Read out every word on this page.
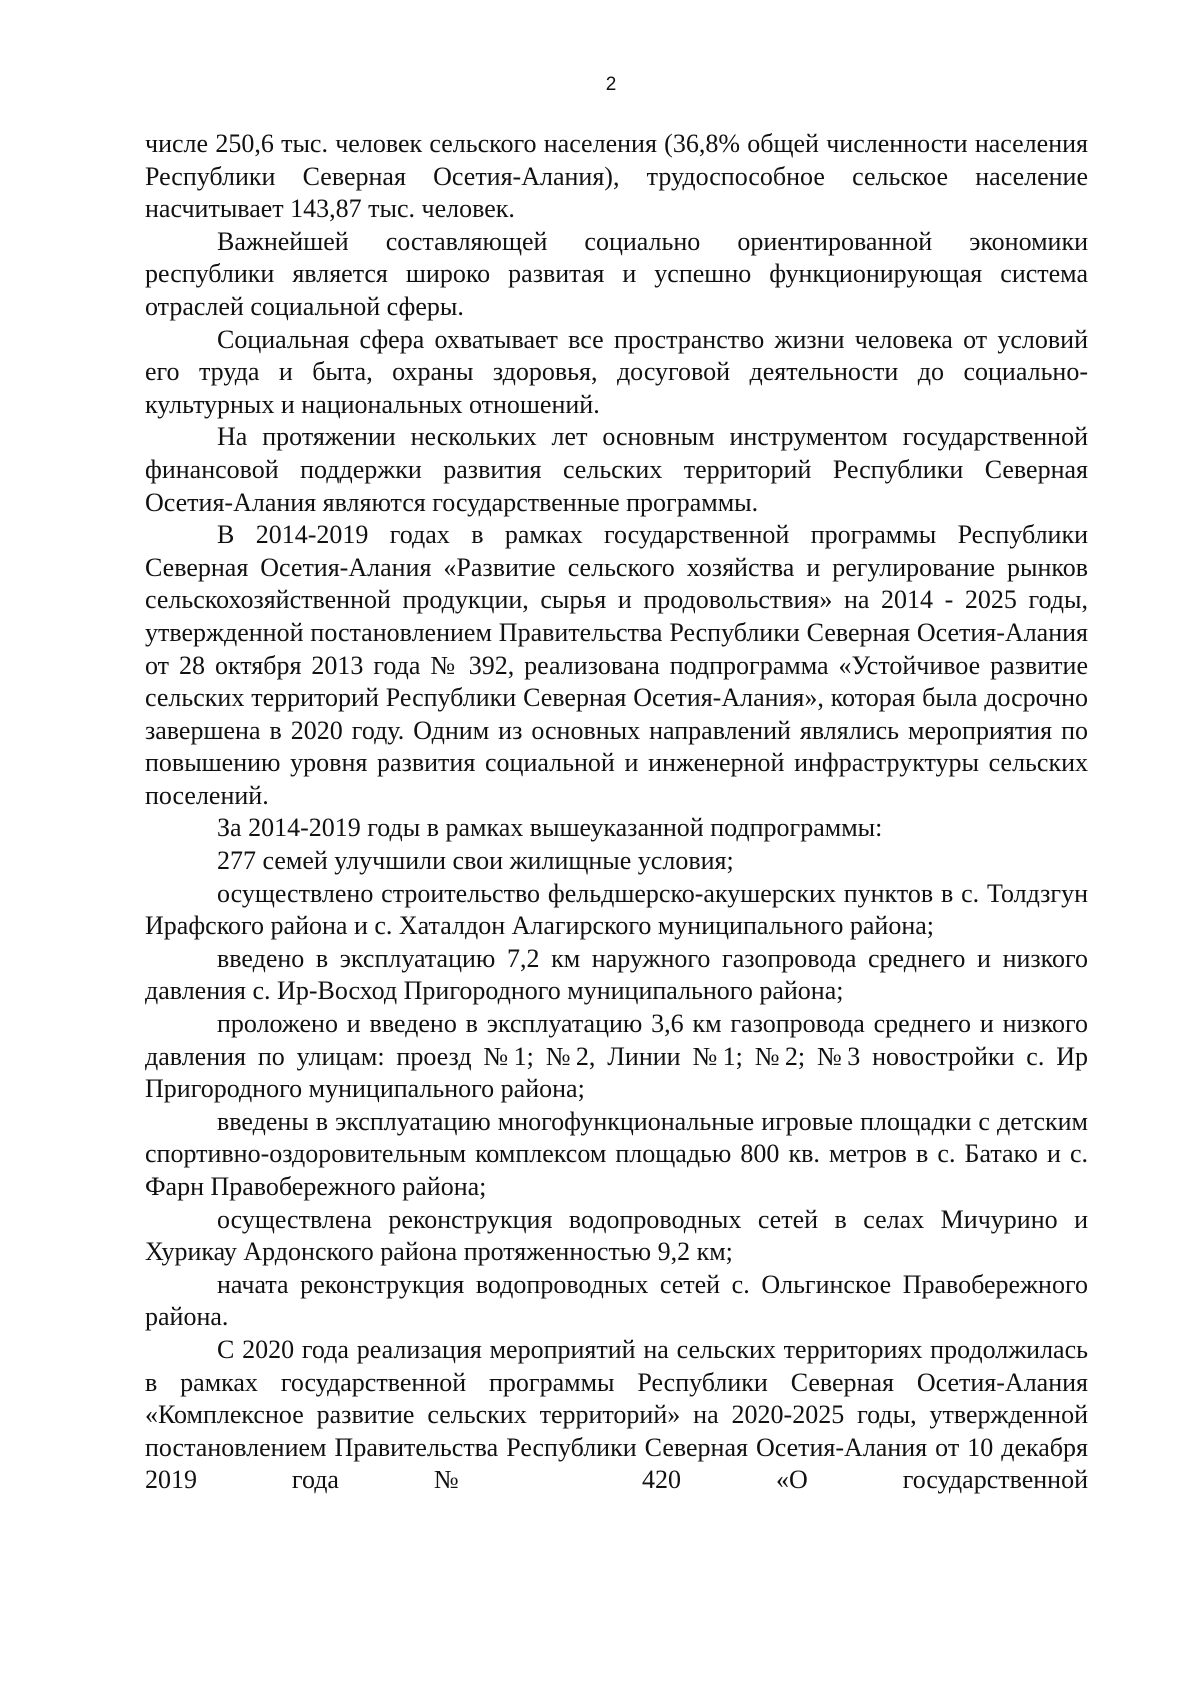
2

числе 250,6 тыс. человек сельского населения (36,8% общей численности населения Республики Северная Осетия-Алания), трудоспособное сельское население насчитывает 143,87 тыс. человек.

Важнейшей составляющей социально ориентированной экономики республики является широко развитая и успешно функционирующая система отраслей социальной сферы.

Социальная сфера охватывает все пространство жизни человека от условий его труда и быта, охраны здоровья, досуговой деятельности до социально-культурных и национальных отношений.

На протяжении нескольких лет основным инструментом государственной финансовой поддержки развития сельских территорий Республики Северная Осетия-Алания являются государственные программы.

В 2014-2019 годах в рамках государственной программы Республики Северная Осетия-Алания «Развитие сельского хозяйства и регулирование рынков сельскохозяйственной продукции, сырья и продовольствия» на 2014 - 2025 годы, утвержденной постановлением Правительства Республики Северная Осетия-Алания от 28 октября 2013 года № 392, реализована подпрограмма «Устойчивое развитие сельских территорий Республики Северная Осетия-Алания», которая была досрочно завершена в 2020 году. Одним из основных направлений являлись мероприятия по повышению уровня развития социальной и инженерной инфраструктуры сельских поселений.

За 2014-2019 годы в рамках вышеуказанной подпрограммы:

277 семей улучшили свои жилищные условия;

осуществлено строительство фельдшерско-акушерских пунктов в с. Толдзгун Ирафского района и с. Хаталдон Алагирского муниципального района;

введено в эксплуатацию 7,2 км наружного газопровода среднего и низкого давления с. Ир-Восход Пригородного муниципального района;

проложено и введено в эксплуатацию 3,6 км газопровода среднего и низкого давления по улицам: проезд №1; №2, Линии №1; №2; №3 новостройки с. Ир Пригородного муниципального района;

введены в эксплуатацию многофункциональные игровые площадки с детским спортивно-оздоровительным комплексом площадью 800 кв. метров в с. Батако и с. Фарн Правобережного района;

осуществлена реконструкция водопроводных сетей в селах Мичурино и Хурикау Ардонского района протяженностью 9,2 км;

начата реконструкция водопроводных сетей с. Ольгинское Правобережного района.

С 2020 года реализация мероприятий на сельских территориях продолжилась в рамках государственной программы Республики Северная Осетия-Алания «Комплексное развитие сельских территорий» на 2020-2025 годы, утвержденной постановлением Правительства Республики Северная Осетия-Алания от 10 декабря 2019 года № 420 «О государственной
